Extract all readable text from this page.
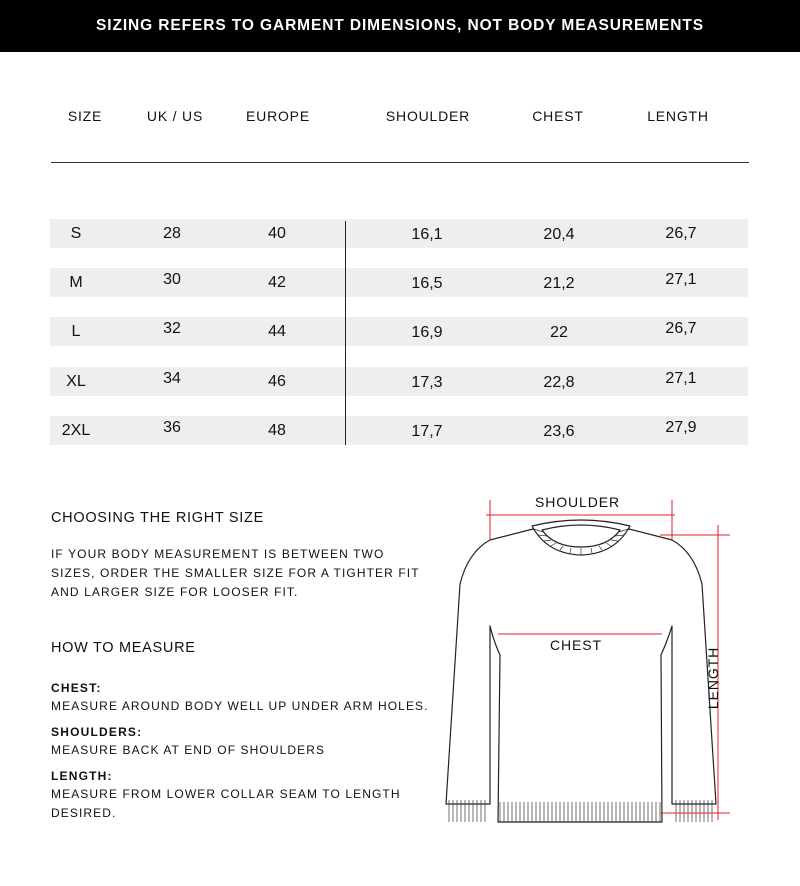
SIZING REFERS TO GARMENT DIMENSIONS, NOT BODY MEASUREMENTS
SIZE	UK / US	EUROPE	SHOULDER	CHEST	LENGTH
S	28	40	16,1	20,4	26,7
M	30	42	16,5	21,2	27,1
L	32	44	16,9	22	26,7
XL	34	46	17,3	22,8	27,1
2XL	36	48	17,7	23,6	27,9
CHOOSING THE RIGHT SIZE
IF YOUR BODY MEASUREMENT IS BETWEEN TWO SIZES, ORDER THE SMALLER SIZE FOR A TIGHTER FIT AND LARGER SIZE FOR LOOSER FIT.
HOW TO MEASURE
CHEST:
MEASURE AROUND BODY WELL UP UNDER ARM HOLES.
SHOULDERS:
MEASURE BACK AT END OF SHOULDERS
LENGTH:
MEASURE FROM LOWER COLLAR SEAM TO LENGTH DESIRED.
SHOULDER
CHEST
LENGTH
